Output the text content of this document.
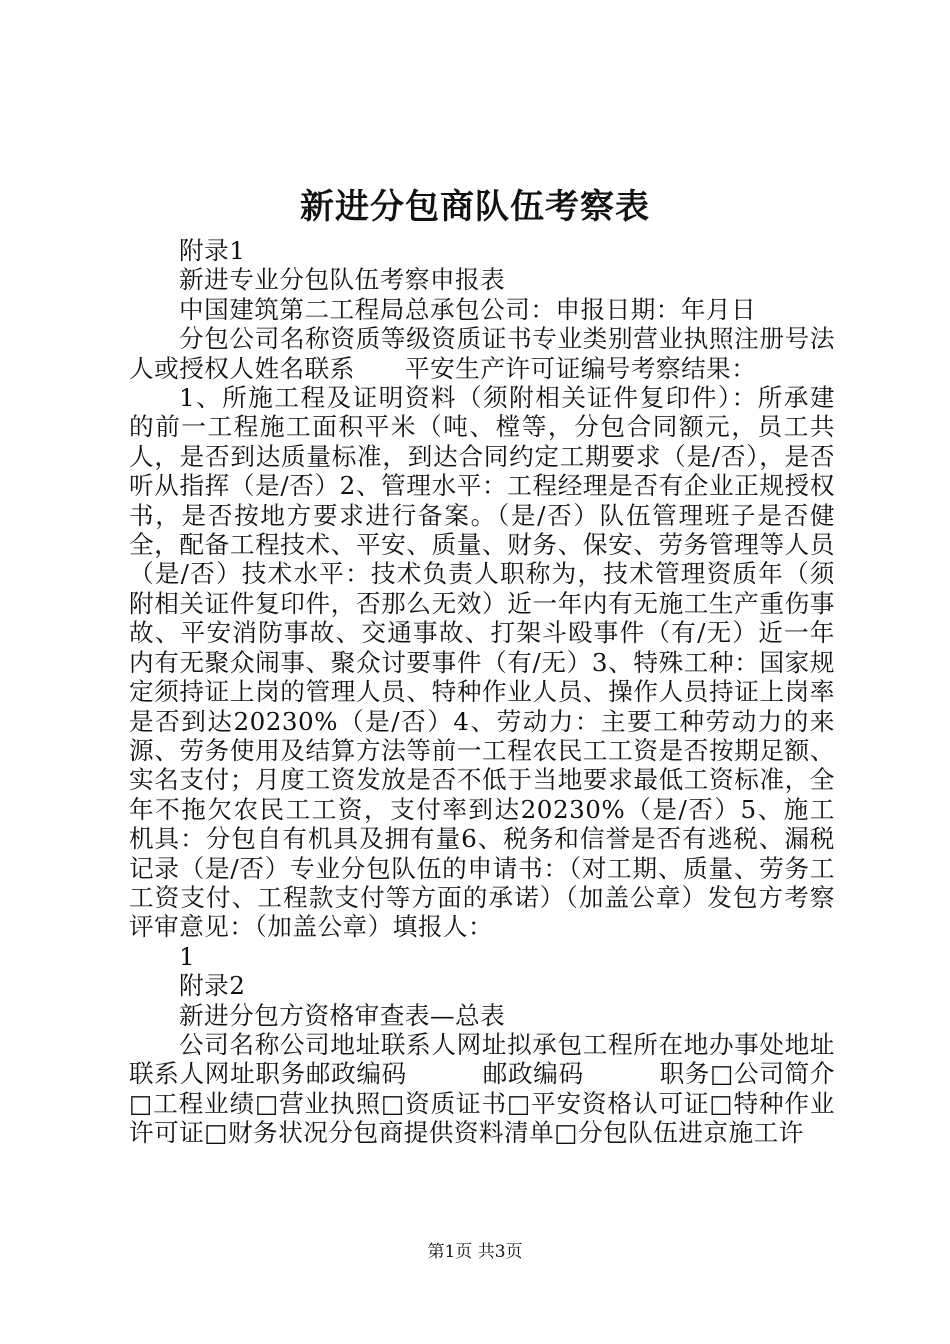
新进分包商队伍考察表

附录1

新进专业分包队伍考察申报表

中国建筑第二工程局总承包公司：申报日期：年月日

分包公司名称资质等级资质证书专业类别营业执照注册号法人或授权人姓名联系　　平安生产许可证编号考察结果：

1、所施工程及证明资料（须附相关证件复印件）：所承建的前一工程施工面积平米（吨、樘等，分包合同额元，员工共人，是否到达质量标准，到达合同约定工期要求（是/否），是否听从指挥（是/否）2、管理水平：工程经理是否有企业正规授权书，是否按地方要求进行备案。（是/否）队伍管理班子是否健全，配备工程技术、平安、质量、财务、保安、劳务管理等人员（是/否）技术水平：技术负责人职称为，技术管理资质年（须附相关证件复印件，否那么无效）近一年内有无施工生产重伤事故、平安消防事故、交通事故、打架斗殴事件（有/无）近一年内有无聚众闹事、聚众讨要事件（有/无）3、特殊工种：国家规定须持证上岗的管理人员、特种作业人员、操作人员持证上岗率是否到达20230%（是/否）4、劳动力：主要工种劳动力的来源、劳务使用及结算方法等前一工程农民工工资是否按期足额、实名支付；月度工资发放是否不低于当地要求最低工资标准，全年不拖欠农民工工资，支付率到达20230%（是/否）5、施工机具：分包自有机具及拥有量6、税务和信誉是否有逃税、漏税记录（是/否）专业分包队伍的申请书：（对工期、质量、劳务工工资支付、工程款支付等方面的承诺）（加盖公章）发包方考察评审意见：（加盖公章）填报人：

1

附录2

新进分包方资格审查表—总表

公司名称公司地址联系人网址拟承包工程所在地办事处地址联系人网址职务邮政编码　　　邮政编码　　　职务□公司简介□工程业绩□营业执照□资质证书□平安资格认可证□特种作业许可证□财务状况分包商提供资料清单□分包队伍进京施工许

第1页 共3页
